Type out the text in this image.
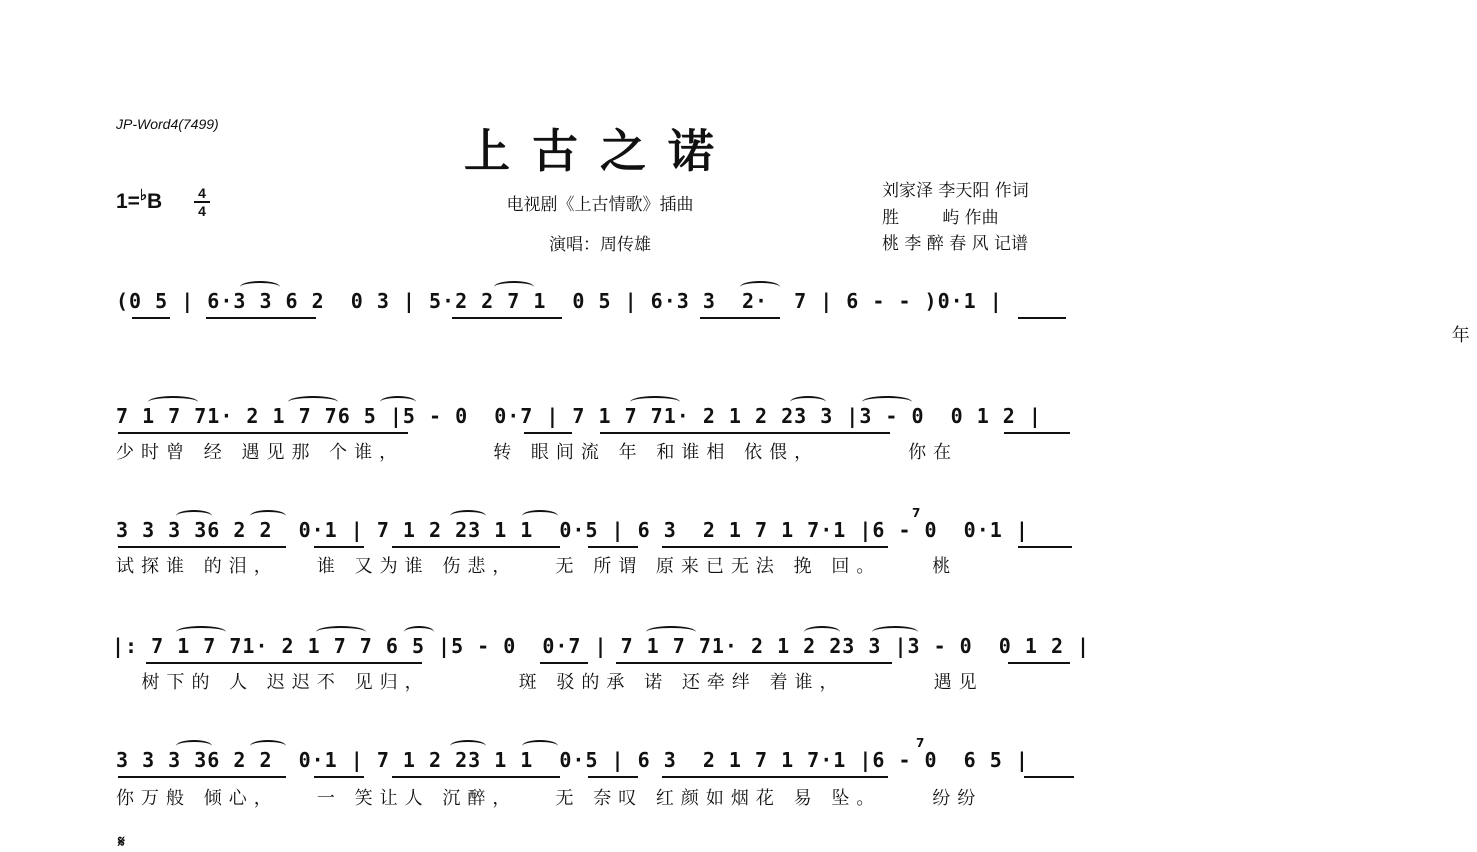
JP-Word4(7499)	上古之诺
电视剧《上古情歌》插曲
演唱：周传雄
1=♭B	4
4
刘家泽 李天阳 作词
胜        屿 作曲
桃 李 醉 春 风 记谱
(0 5 | 6·3 3 6 2  0 3 | 5·2 2 7 1  0 5 | 6·3 3  2·  7 | 6 - - )0·1 |
年
7 1 7 71· 2 1 7 76 5 |5 - 0  0·7 | 7 1 7 71· 2 1 2 23 3 |3 - 0  0 1 2 |
少时曾 经 遇见那 个谁，       转 眼间流 年 和谁相 依偎，       你在
3 3 3 36 2 2  0·1 | 7 1 2 23 1 1  0·5 | 6 3  2 1 7 1 7·1 |6 - 0  0·1 |
试探谁 的泪，   谁 又为谁 伤悲，   无 所谓 原来已无法 挽 回。    桃
7
|: 7 1 7 71· 2 1 7 7 6 5 |5 - 0  0·7 | 7 1 7 71· 2 1 2 23 3 |3 - 0  0 1 2 |
树下的 人 迟迟不 见归，       斑 驳的承 诺 还牵绊 着谁，       遇见
3 3 3 36 2 2  0·1 | 7 1 2 23 1 1  0·5 | 6 3  2 1 7 1 7·1 |6 - 0  6 5 |
你万般 倾心，   一 笑让人 沉醉，   无 奈叹 红颜如烟花 易 坠。    纷纷
7
𝄋
